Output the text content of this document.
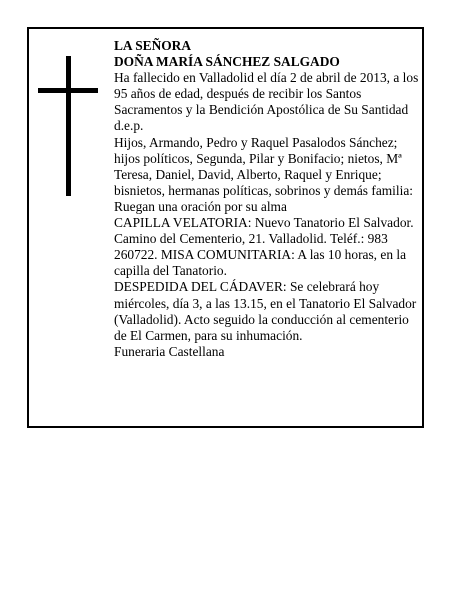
LA SEÑORA

DOÑA MARÍA SÁNCHEZ SALGADO

Ha fallecido en Valladolid el día 2 de abril de 2013, a los 95 años de edad, después de recibir los Santos Sacramentos y la Bendición Apostólica de Su Santidad d.e.p.

Hijos, Armando, Pedro y Raquel Pasalodos Sánchez; hijos políticos, Segunda, Pilar y Bonifacio; nietos, Mª Teresa, Daniel, David, Alberto, Raquel y Enrique; bisnietos, hermanas políticas, sobrinos y demás familia:

Ruegan una oración por su alma

CAPILLA VELATORIA: Nuevo Tanatorio El Salvador. Camino del Cementerio, 21. Valladolid. Teléf.: 983 260722. MISA COMUNITARIA: A las 10 horas, en la capilla del Tanatorio.

DESPEDIDA DEL CÁDAVER: Se celebrará hoy miércoles, día 3, a las 13.15, en el Tanatorio El Salvador (Valladolid). Acto seguido la conducción al cementerio de El Carmen, para su inhumación.

Funeraria Castellana
